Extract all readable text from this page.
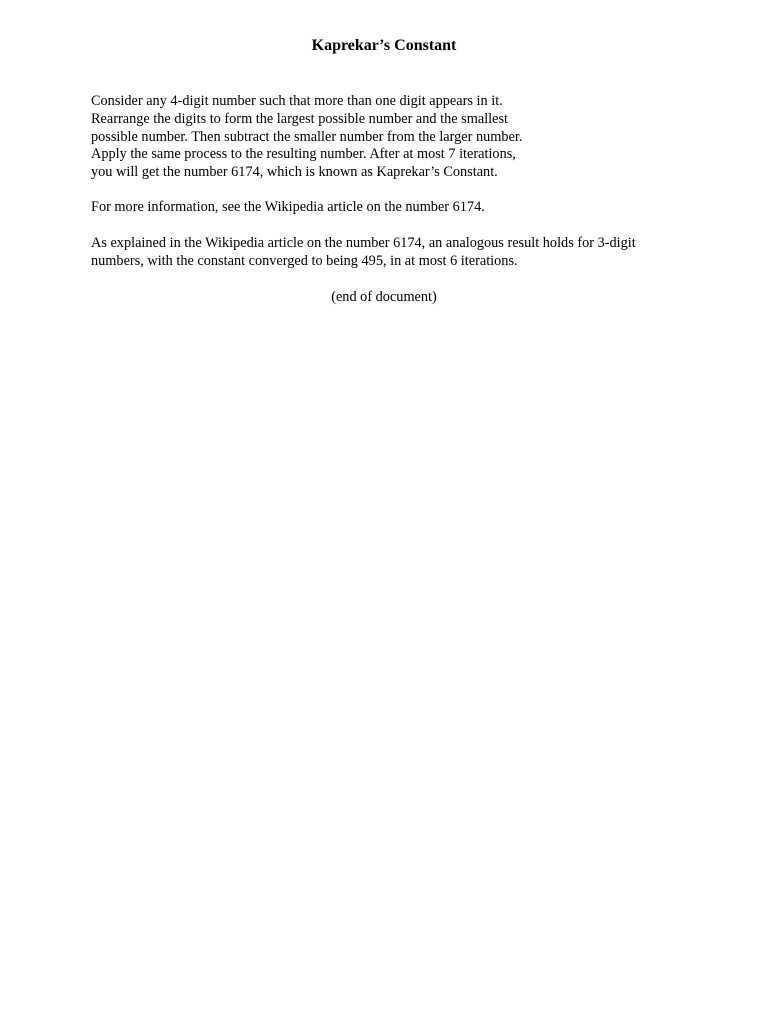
Kaprekar’s Constant

Consider any 4-digit number such that more than one digit appears in it.
Rearrange the digits to form the largest possible number and the smallest
possible number. Then subtract the smaller number from the larger number.
Apply the same process to the resulting number. After at most 7 iterations,
you will get the number 6174, which is known as Kaprekar’s Constant.

For more information, see the Wikipedia article on the number 6174.

As explained in the Wikipedia article on the number 6174, an analogous result holds for 3-digit
numbers, with the constant converged to being 495, in at most 6 iterations.

(end of document)
